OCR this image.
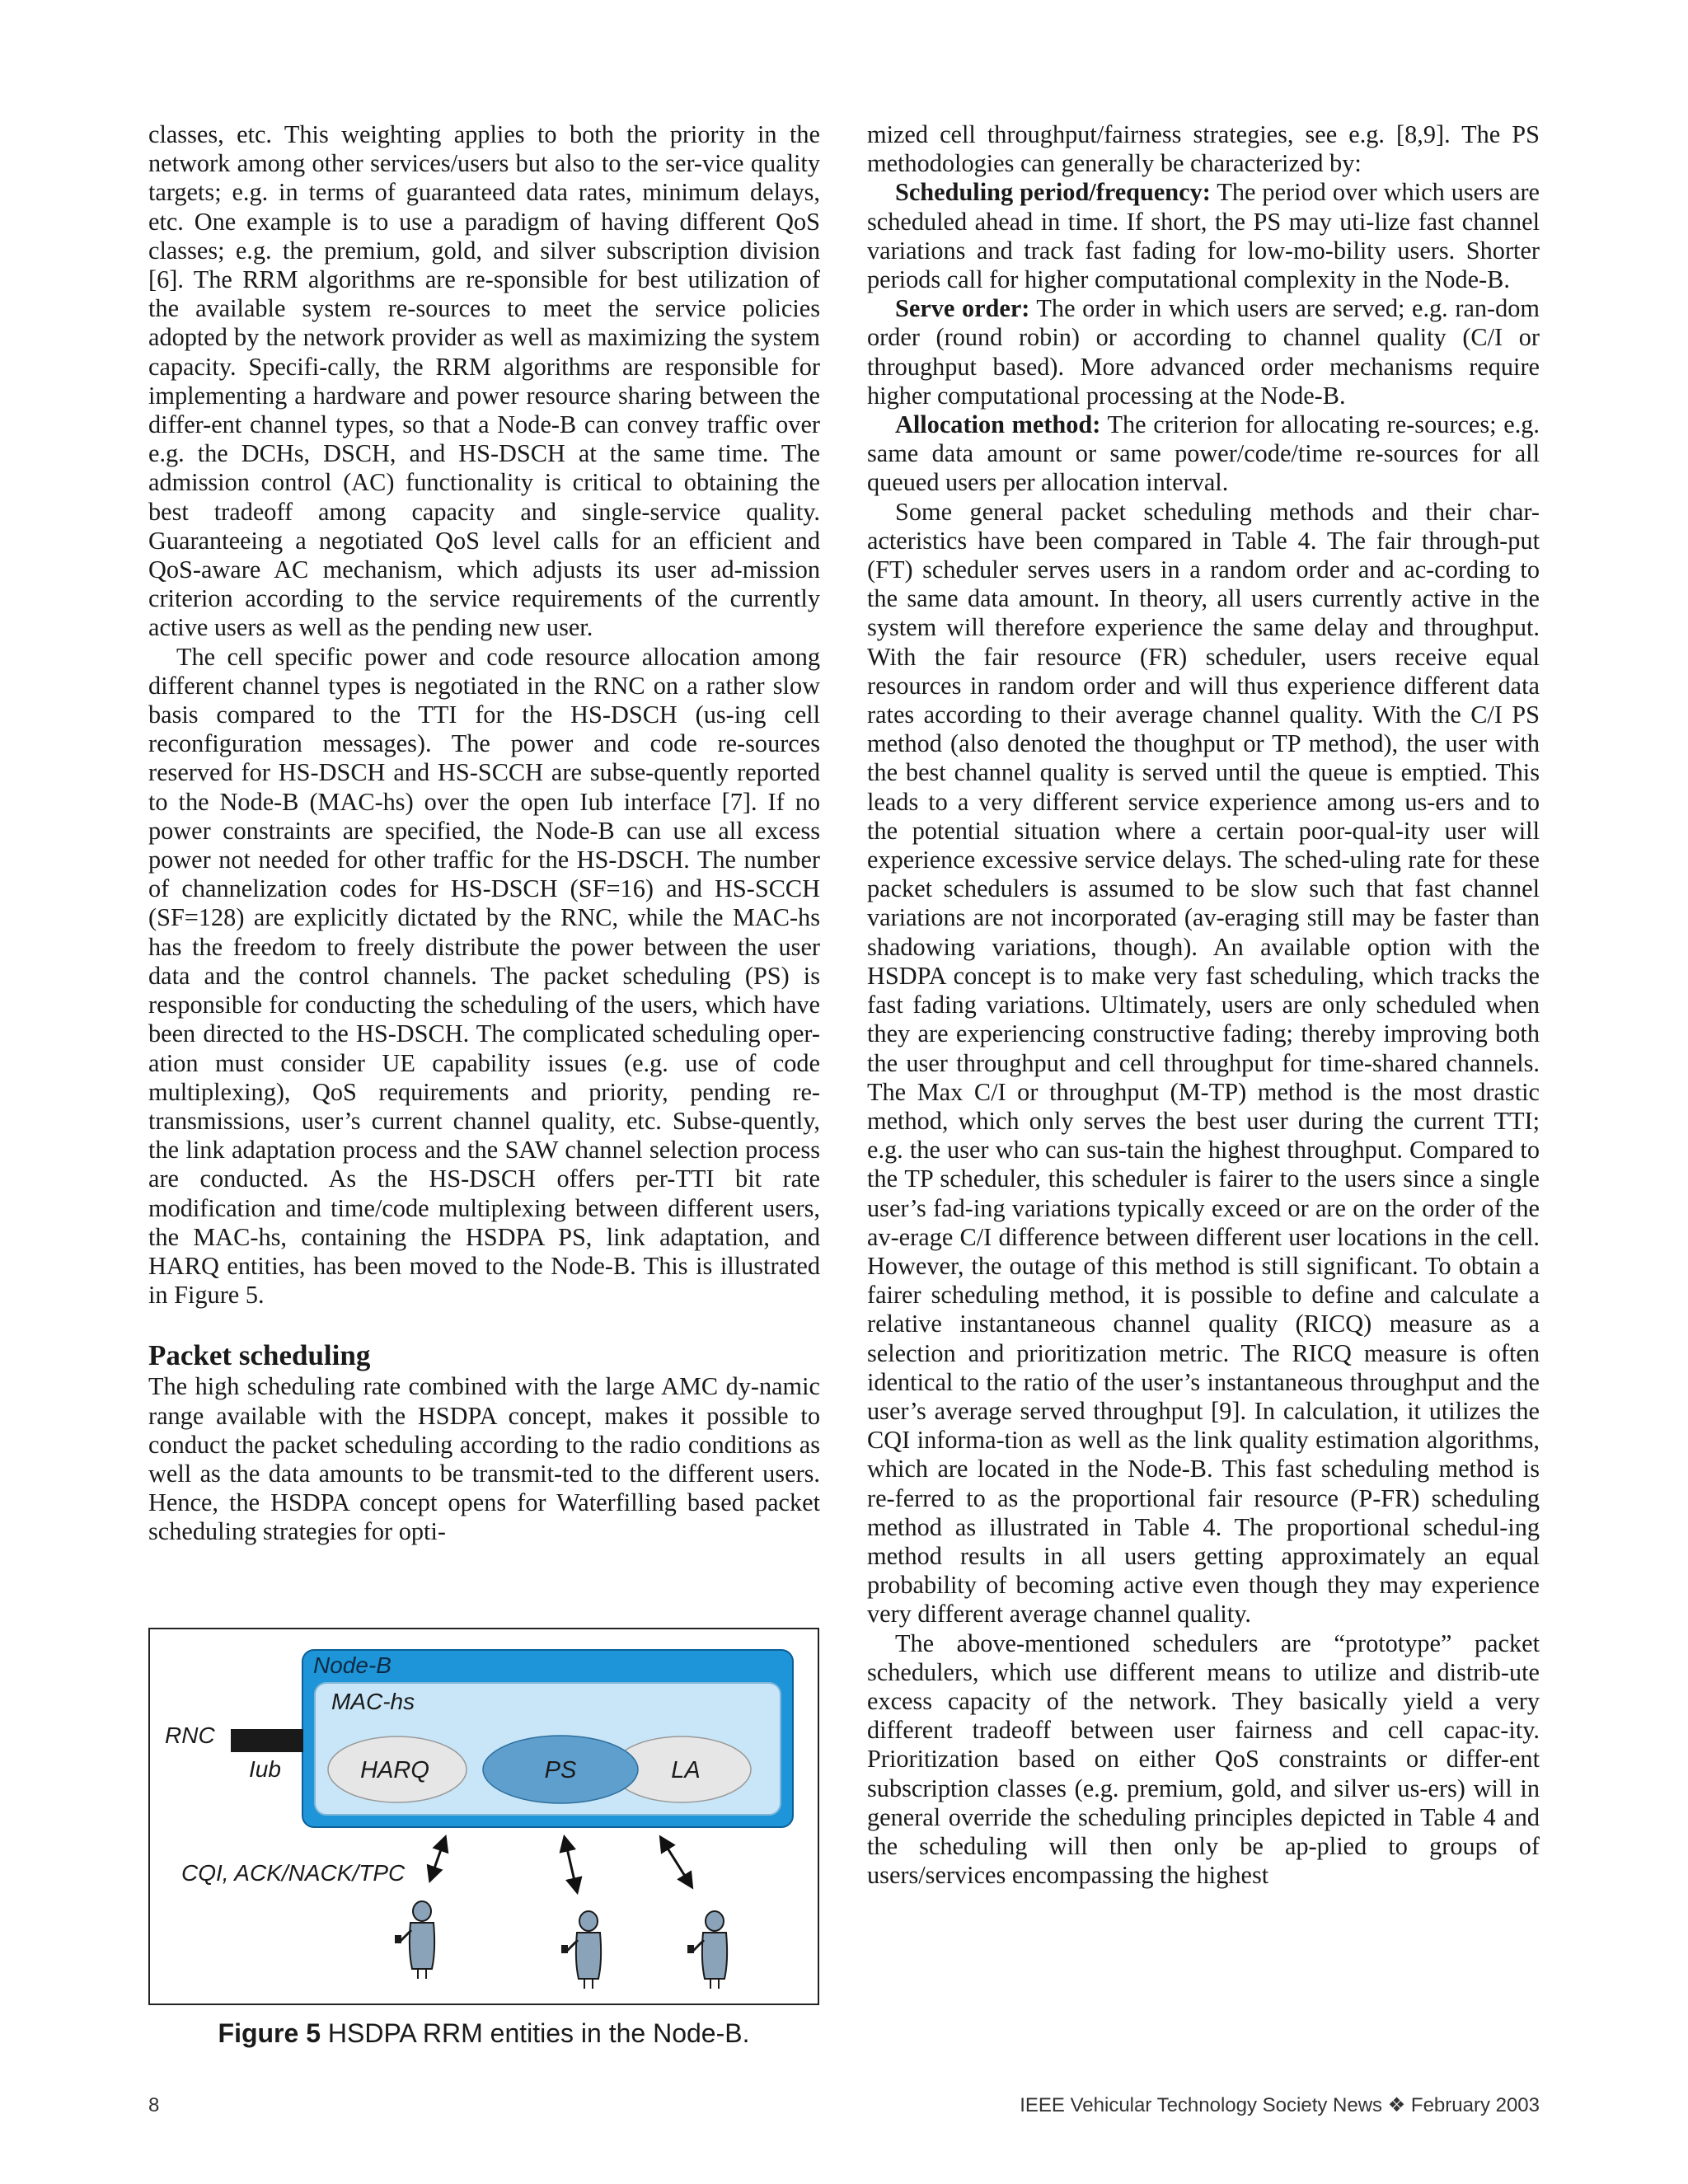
classes, etc. This weighting applies to both the priority in the network among other services/users but also to the ser-vice quality targets; e.g. in terms of guaranteed data rates, minimum delays, etc. One example is to use a paradigm of having different QoS classes; e.g. the premium, gold, and silver subscription division [6]. The RRM algorithms are re-sponsible for best utilization of the available system re-sources to meet the service policies adopted by the network provider as well as maximizing the system capacity. Specifi-cally, the RRM algorithms are responsible for implementing a hardware and power resource sharing between the differ-ent channel types, so that a Node-B can convey traffic over e.g. the DCHs, DSCH, and HS-DSCH at the same time. The admission control (AC) functionality is critical to obtaining the best tradeoff among capacity and single-service quality. Guaranteeing a negotiated QoS level calls for an efficient and QoS-aware AC mechanism, which adjusts its user ad-mission criterion according to the service requirements of the currently active users as well as the pending new user.

The cell specific power and code resource allocation among different channel types is negotiated in the RNC on a rather slow basis compared to the TTI for the HS-DSCH (us-ing cell reconfiguration messages). The power and code re-sources reserved for HS-DSCH and HS-SCCH are subse-quently reported to the Node-B (MAC-hs) over the open Iub interface [7]. If no power constraints are specified, the Node-B can use all excess power not needed for other traffic for the HS-DSCH. The number of channelization codes for HS-DSCH (SF=16) and HS-SCCH (SF=128) are explicitly dictated by the RNC, while the MAC-hs has the freedom to freely distribute the power between the user data and the control channels. The packet scheduling (PS) is responsible for conducting the scheduling of the users, which have been directed to the HS-DSCH. The complicated scheduling oper-ation must consider UE capability issues (e.g. use of code multiplexing), QoS requirements and priority, pending re-transmissions, user’s current channel quality, etc. Subse-quently, the link adaptation process and the SAW channel selection process are conducted. As the HS-DSCH offers per-TTI bit rate modification and time/code multiplexing between different users, the MAC-hs, containing the HSDPA PS, link adaptation, and HARQ entities, has been moved to the Node-B. This is illustrated in Figure 5.

Packet scheduling

The high scheduling rate combined with the large AMC dy-namic range available with the HSDPA concept, makes it possible to conduct the packet scheduling according to the radio conditions as well as the data amounts to be transmit-ted to the different users. Hence, the HSDPA concept opens for Waterfilling based packet scheduling strategies for opti-

mized cell throughput/fairness strategies, see e.g. [8,9]. The PS methodologies can generally be characterized by:

Scheduling period/frequency: The period over which users are scheduled ahead in time. If short, the PS may uti-lize fast channel variations and track fast fading for low-mo-bility users. Shorter periods call for higher computational complexity in the Node-B.

Serve order: The order in which users are served; e.g. ran-dom order (round robin) or according to channel quality (C/I or throughput based). More advanced order mechanisms require higher computational processing at the Node-B.

Allocation method: The criterion for allocating re-sources; e.g. same data amount or same power/code/time re-sources for all queued users per allocation interval.

Some general packet scheduling methods and their char-acteristics have been compared in Table 4. The fair through-put (FT) scheduler serves users in a random order and ac-cording to the same data amount. In theory, all users currently active in the system will therefore experience the same delay and throughput. With the fair resource (FR) scheduler, users receive equal resources in random order and will thus experience different data rates according to their average channel quality. With the C/I PS method (also denoted the thoughput or TP method), the user with the best channel quality is served until the queue is emptied. This leads to a very different service experience among us-ers and to the potential situation where a certain poor-qual-ity user will experience excessive service delays. The sched-uling rate for these packet schedulers is assumed to be slow such that fast channel variations are not incorporated (av-eraging still may be faster than shadowing variations, though). An available option with the HSDPA concept is to make very fast scheduling, which tracks the fast fading variations. Ultimately, users are only scheduled when they are experiencing constructive fading; thereby improving both the user throughput and cell throughput for time-shared channels. The Max C/I or throughput (M-TP) method is the most drastic method, which only serves the best user during the current TTI; e.g. the user who can sus-tain the highest throughput. Compared to the TP scheduler, this scheduler is fairer to the users since a single user’s fad-ing variations typically exceed or are on the order of the av-erage C/I difference between different user locations in the cell. However, the outage of this method is still significant. To obtain a fairer scheduling method, it is possible to define and calculate a relative instantaneous channel quality (RICQ) measure as a selection and prioritization metric. The RICQ measure is often identical to the ratio of the user’s instantaneous throughput and the user’s average served throughput [9]. In calculation, it utilizes the CQI informa-tion as well as the link quality estimation algorithms, which are located in the Node-B. This fast scheduling method is re-ferred to as the proportional fair resource (P-FR) scheduling method as illustrated in Table 4. The proportional schedul-ing method results in all users getting approximately an equal probability of becoming active even though they may experience very different average channel quality.

The above-mentioned schedulers are “prototype” packet schedulers, which use different means to utilize and distrib-ute excess capacity of the network. They basically yield a very different tradeoff between user fairness and cell capac-ity. Prioritization based on either QoS constraints or differ-ent subscription classes (e.g. premium, gold, and silver us-ers) will in general override the scheduling principles depicted in Table 4 and the scheduling will then only be ap-plied to groups of users/services encompassing the highest

Node-B
MAC-hs
HARQ	PS	LA
RNC
Iub
CQI, ACK/NACK/TPC
Figure 5 HSDPA RRM entities in the Node-B.
8	IEEE Vehicular Technology Society News ❖ February 2003
